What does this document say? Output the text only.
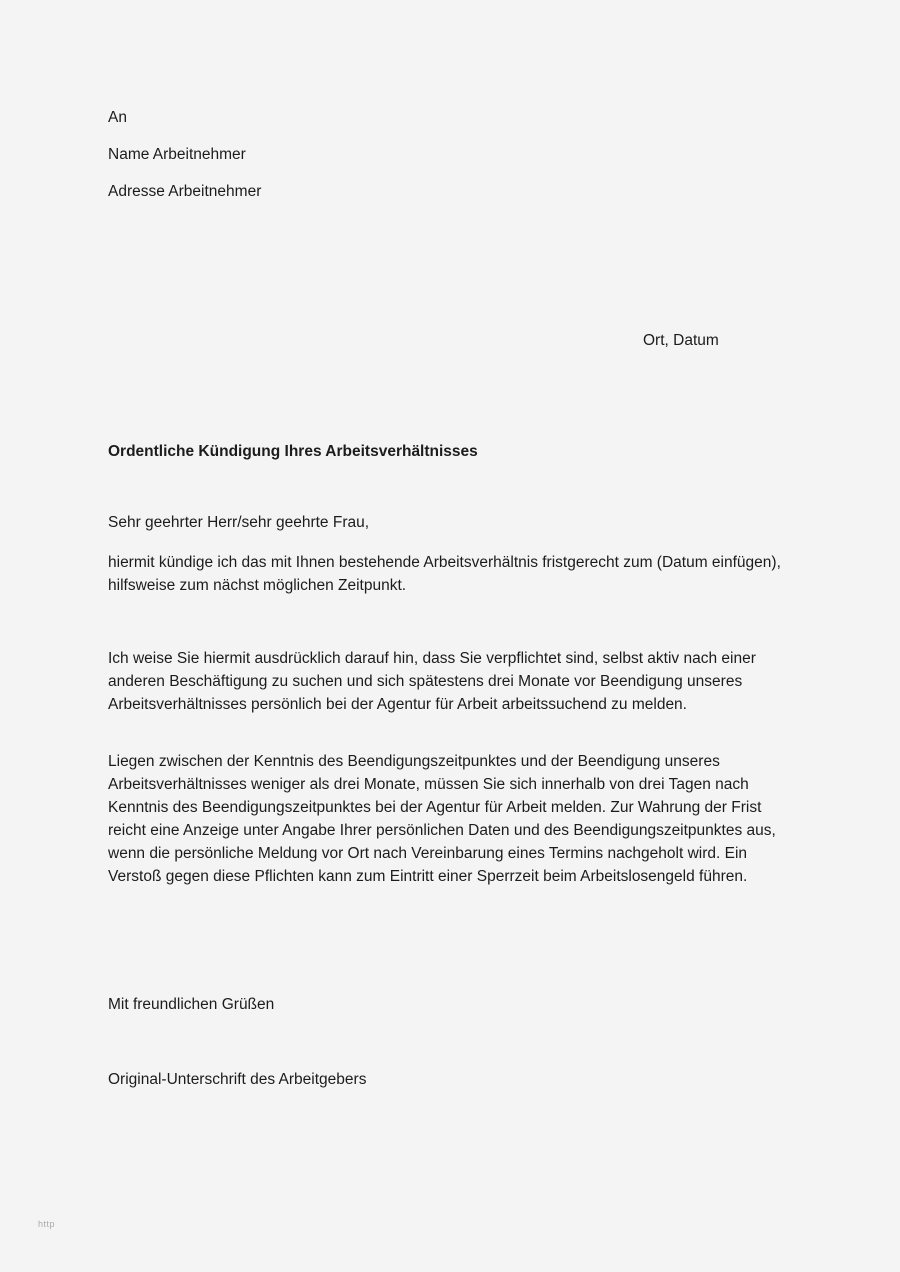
An
Name Arbeitnehmer
Adresse Arbeitnehmer
Ort, Datum
Ordentliche Kündigung Ihres Arbeitsverhältnisses
Sehr geehrter Herr/sehr geehrte Frau,
hiermit kündige ich das mit Ihnen bestehende Arbeitsverhältnis fristgerecht zum (Datum einfügen), hilfsweise zum nächst möglichen Zeitpunkt.
Ich weise Sie hiermit ausdrücklich darauf hin, dass Sie verpflichtet sind, selbst aktiv nach einer anderen Beschäftigung zu suchen und sich spätestens drei Monate vor Beendigung unseres Arbeitsverhältnisses persönlich bei der Agentur für Arbeit arbeitssuchend zu melden.
Liegen zwischen der Kenntnis des Beendigungszeitpunktes und der Beendigung unseres Arbeitsverhältnisses weniger als drei Monate, müssen Sie sich innerhalb von drei Tagen nach Kenntnis des Beendigungszeitpunktes bei der Agentur für Arbeit melden. Zur Wahrung der Frist reicht eine Anzeige unter Angabe Ihrer persönlichen Daten und des Beendigungszeitpunktes aus, wenn die persönliche Meldung vor Ort nach Vereinbarung eines Termins nachgeholt wird. Ein Verstoß gegen diese Pflichten kann zum Eintritt einer Sperrzeit beim Arbeitslosengeld führen.
Mit freundlichen Grüßen
Original-Unterschrift des Arbeitgebers
http
